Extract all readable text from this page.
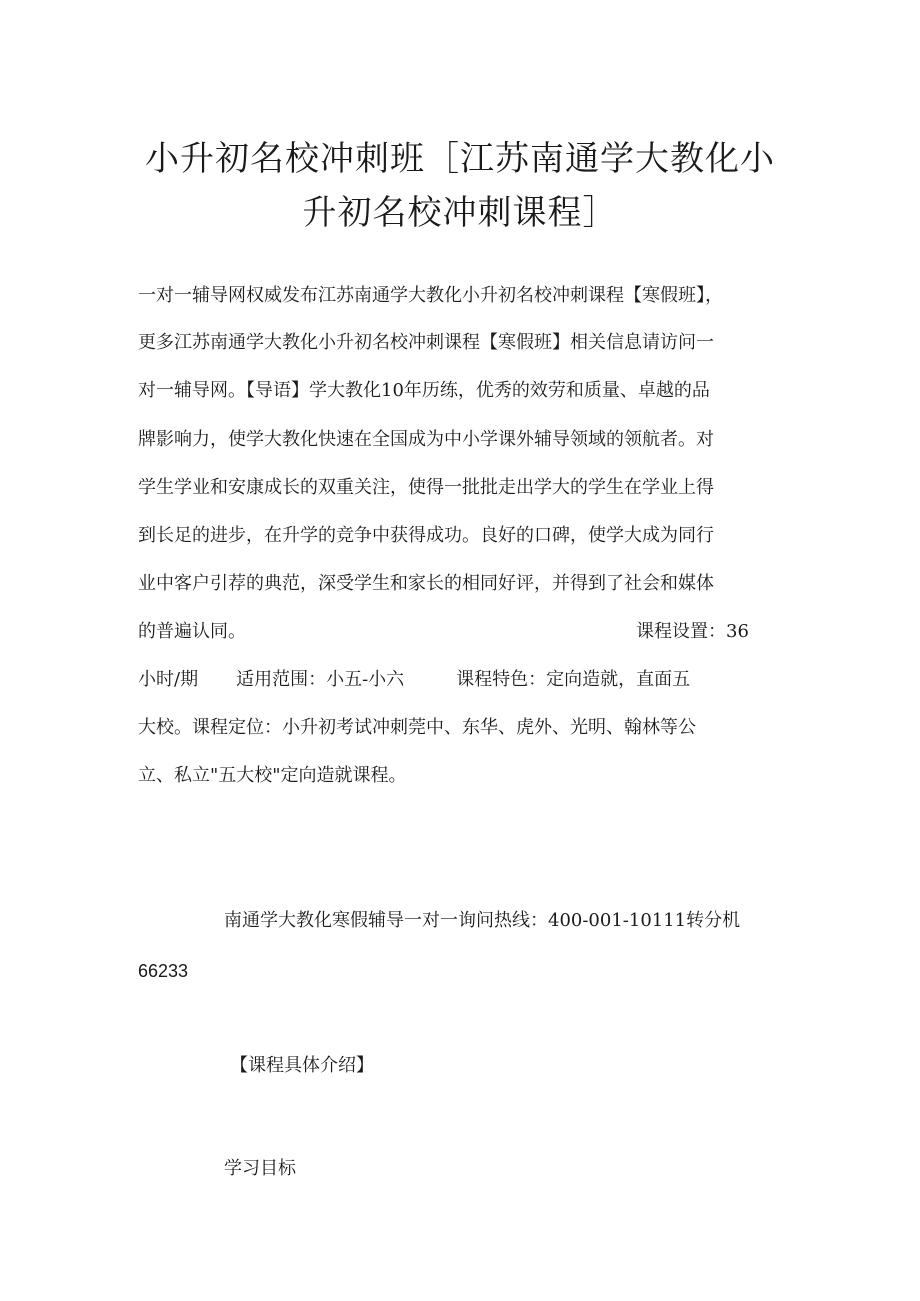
小升初名校冲刺班［江苏南通学大教化小
升初名校冲刺课程］

一对一辅导网权威发布江苏南通学大教化小升初名校冲刺课程【寒假班】，

更多江苏南通学大教化小升初名校冲刺课程【寒假班】相关信息请访问一

对一辅导网。【导语】学大教化10年历练，优秀的效劳和质量、卓越的品

牌影响力，使学大教化快速在全国成为中小学课外辅导领域的领航者。对

学生学业和安康成长的双重关注，使得一批批走出学大的学生在学业上得

到长足的进步，在升学的竞争中获得成功。良好的口碑，使学大成为同行

业中客户引荐的典范，深受学生和家长的相同好评，并得到了社会和媒体

的普遍认同。	课程设置：36

小时/期 适用范围：小五-小六	课程特色：定向造就，直面五

大校。课程定位：小升初考试冲刺莞中、东华、虎外、光明、翰林等公

立、私立"五大校"定向造就课程。

南通学大教化寒假辅导一对一询问热线：400-001-10111转分机
66233
【课程具体介绍】
学习目标
